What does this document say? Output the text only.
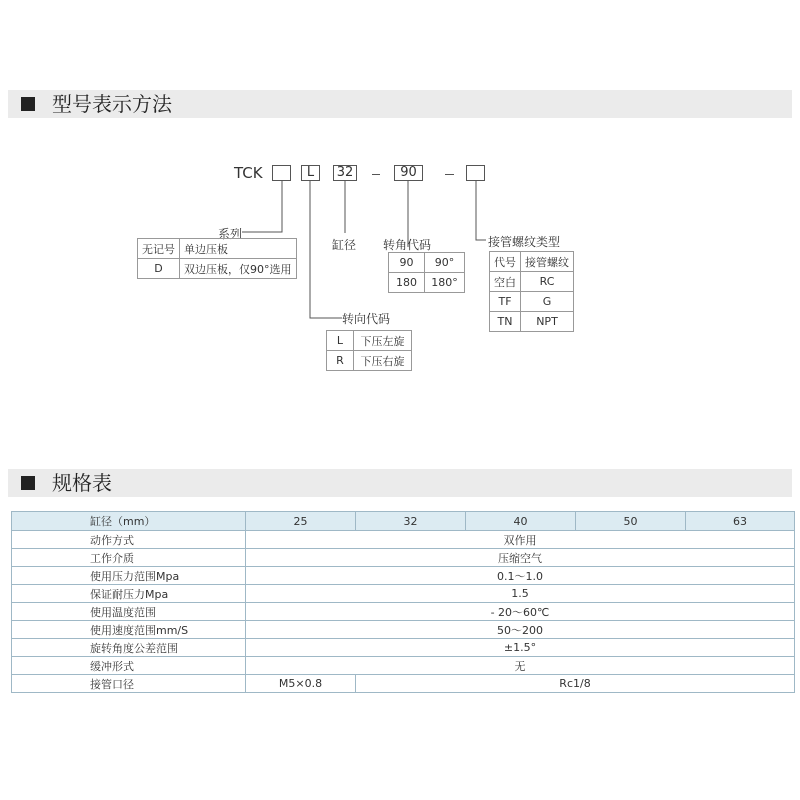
型号表示方法
TCK	L	32	90
系列
无记号	单边压板
D	双边压板，仅90°选用
缸径 转角代码
90	90°
180	180°
转向代码
L	下压左旋
R	下压右旋
接管螺纹类型
代号	接管螺纹
空白	RC
TF	G
TN	NPT
规格表
缸径（mm）	25	32	40	50	63
动作方式	双作用				
工作介质	压缩空气				
使用压力范围Mpa	0.1～1.0				
保证耐压力Mpa	1.5				
使用温度范围	- 20～60℃				
使用速度范围mm/S	50～200				
旋转角度公差范围	±1.5°				
缓冲形式	无				
接管口径	M5×0.8	Rc1/8			
